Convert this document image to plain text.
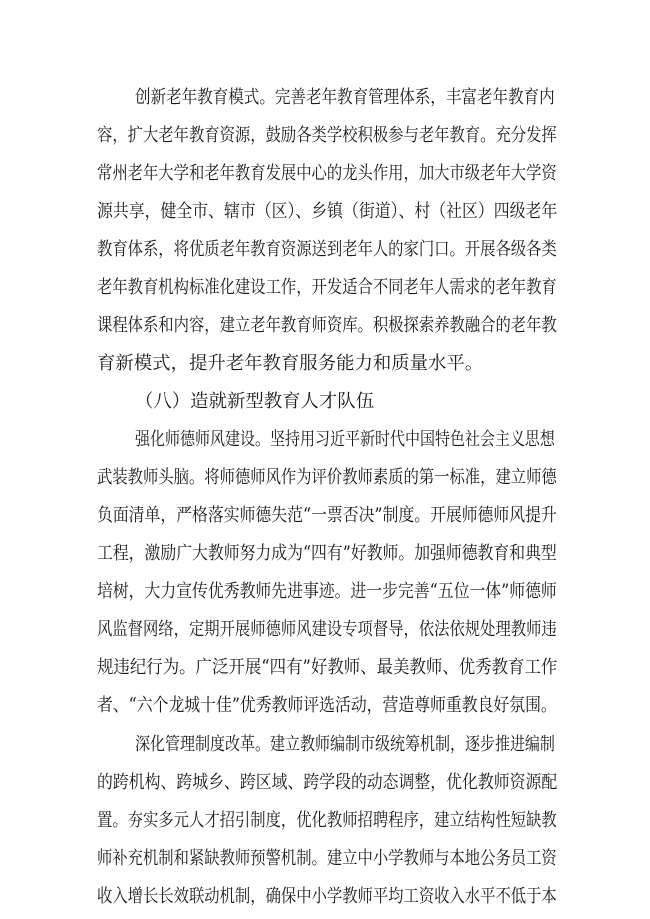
创新老年教育模式。完善老年教育管理体系，丰富老年教育内
容，扩大老年教育资源，鼓励各类学校积极参与老年教育。充分发挥
常州老年大学和老年教育发展中心的龙头作用，加大市级老年大学资
源共享，健全市、辖市（区）、乡镇（街道）、村（社区）四级老年
教育体系，将优质老年教育资源送到老年人的家门口。开展各级各类
老年教育机构标准化建设工作，开发适合不同老年人需求的老年教育
课程体系和内容，建立老年教育师资库。积极探索养教融合的老年教
育新模式，提升老年教育服务能力和质量水平。
（八）造就新型教育人才队伍
强化师德师风建设。坚持用习近平新时代中国特色社会主义思想
武装教师头脑。将师德师风作为评价教师素质的第一标准，建立师德
负面清单，严格落实师德失范“一票否决”制度。开展师德师风提升
工程，激励广大教师努力成为“四有”好教师。加强师德教育和典型
培树，大力宣传优秀教师先进事迹。进一步完善“五位一体”师德师
风监督网络，定期开展师德师风建设专项督导，依法依规处理教师违
规违纪行为。广泛开展“四有”好教师、最美教师、优秀教育工作
者、“六个龙城十佳”优秀教师评选活动，营造尊师重教良好氛围。
深化管理制度改革。建立教师编制市级统筹机制，逐步推进编制
的跨机构、跨城乡、跨区域、跨学段的动态调整，优化教师资源配
置。夯实多元人才招引制度，优化教师招聘程序，建立结构性短缺教
师补充机制和紧缺教师预警机制。建立中小学教师与本地公务员工资
收入增长长效联动机制，确保中小学教师平均工资收入水平不低于本
